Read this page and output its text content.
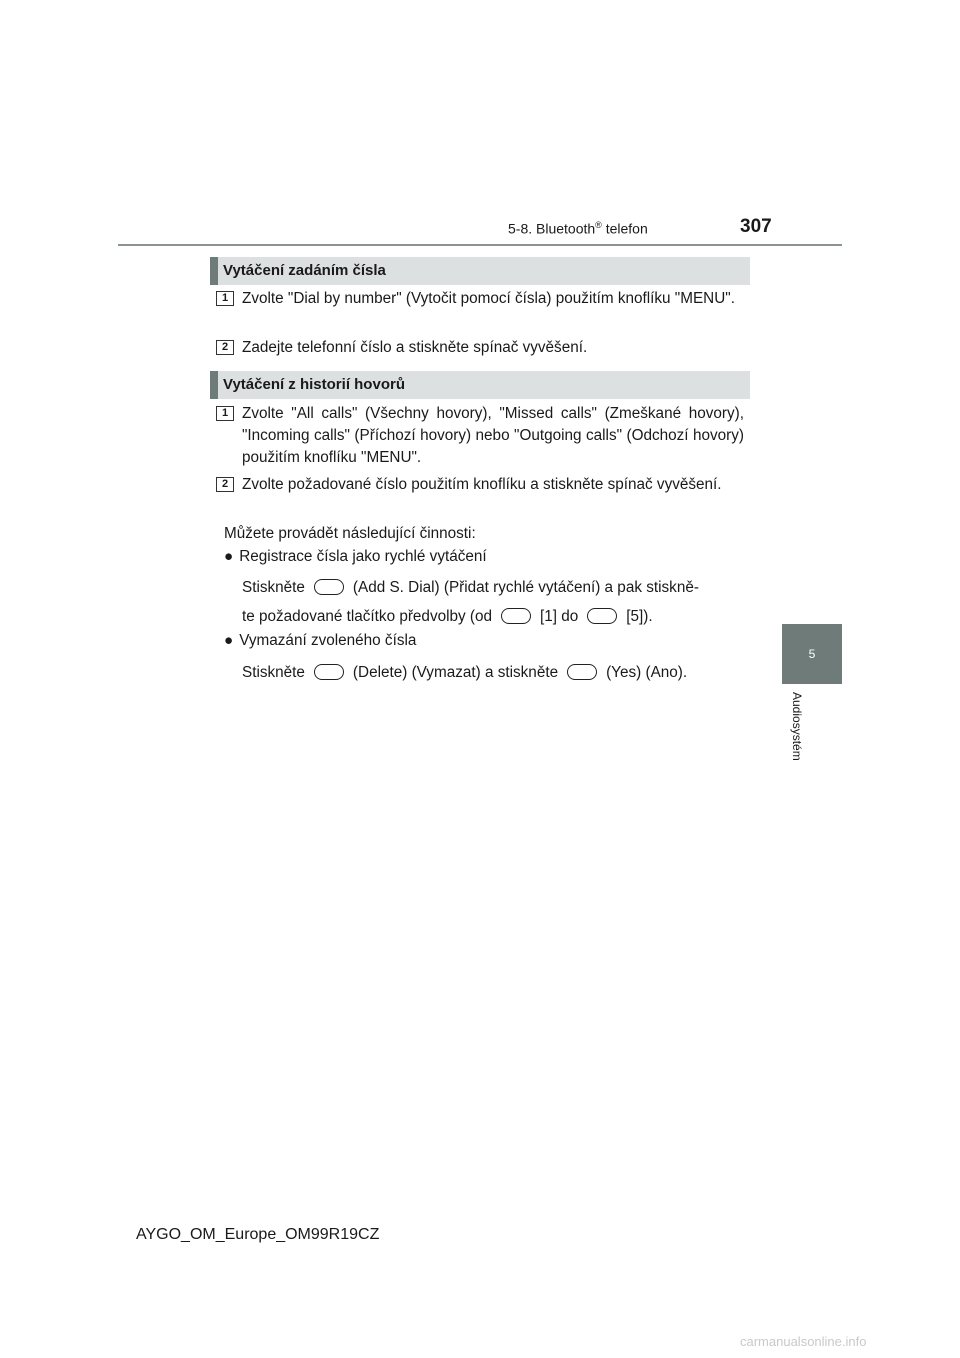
5-8. Bluetooth® telefon	307
5
Audiosystém
Vytáčení zadáním čísla
1 Zvolte "Dial by number" (Vytočit pomocí čísla) použitím knoflíku "MENU".
2 Zadejte telefonní číslo a stiskněte spínač vyvěšení.
Vytáčení z historií hovorů
1 Zvolte "All calls" (Všechny hovory), "Missed calls" (Zmeškané hovory), "Incoming calls" (Příchozí hovory) nebo "Outgoing calls" (Odchozí hovory) použitím knoflíku "MENU".
2 Zvolte požadované číslo použitím knoflíku a stiskněte spínač vyvěšení.
Můžete provádět následující činnosti:
● Registrace čísla jako rychlé vytáčení
Stiskněte	(Add S. Dial) (Přidat rychlé vytáčení) a pak stiskně-
te požadované tlačítko předvolby (od	[1] do	[5]).
● Vymazání zvoleného čísla
Stiskněte	(Delete) (Vymazat) a stiskněte	(Yes) (Ano).
AYGO_OM_Europe_OM99R19CZ
carmanualsonline.info
